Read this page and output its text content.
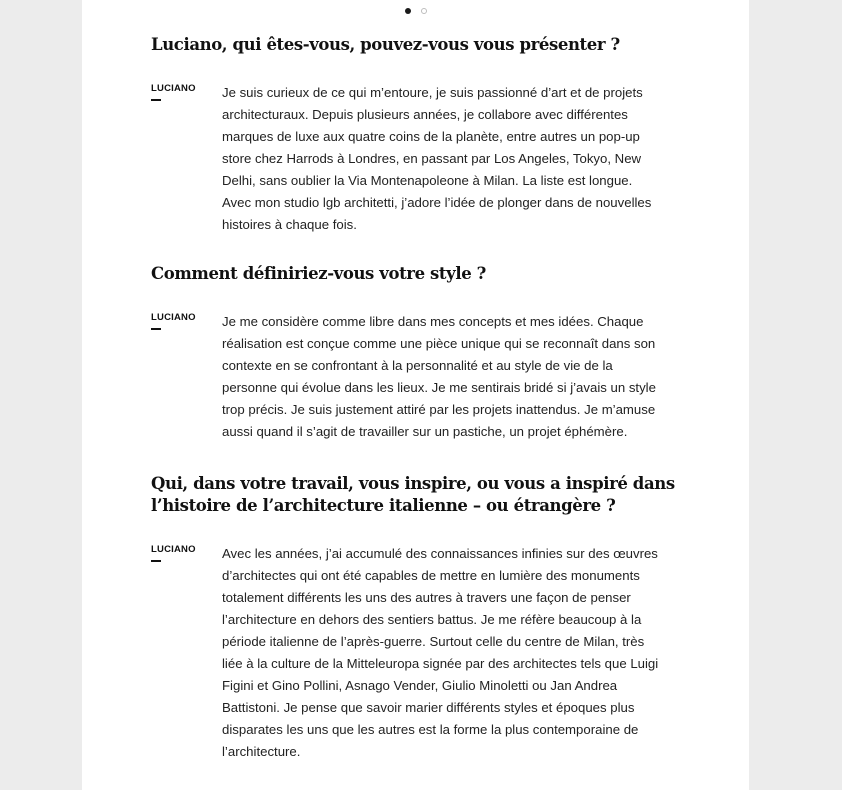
Luciano, qui êtes-vous, pouvez-vous vous présenter ?
LUCIANO	Je suis curieux de ce qui m’entoure, je suis passionné d’art et de projets architecturaux. Depuis plusieurs années, je collabore avec différentes marques de luxe aux quatre coins de la planète, entre autres un pop-up store chez Harrods à Londres, en passant par Los Angeles, Tokyo, New Delhi, sans oublier la Via Montenapoleone à Milan. La liste est longue. Avec mon studio lgb architetti, j’adore l’idée de plonger dans de nouvelles histoires à chaque fois.

Comment définiriez-vous votre style ?
LUCIANO	Je me considère comme libre dans mes concepts et mes idées. Chaque réalisation est conçue comme une pièce unique qui se reconnaît dans son contexte en se confrontant à la personnalité et au style de vie de la personne qui évolue dans les lieux. Je me sentirais bridé si j’avais un style trop précis. Je suis justement attiré par les projets inattendus. Je m’amuse aussi quand il s’agit de travailler sur un pastiche, un projet éphémère.

Qui, dans votre travail, vous inspire, ou vous a inspiré dans l’histoire de l’architecture italienne – ou étrangère ?
LUCIANO	Avec les années, j’ai accumulé des connaissances infinies sur des œuvres d’architectes qui ont été capables de mettre en lumière des monuments totalement différents les uns des autres à travers une façon de penser l’architecture en dehors des sentiers battus. Je me réfère beaucoup à la période italienne de l’après-guerre. Surtout celle du centre de Milan, très liée à la culture de la Mitteleuropa signée par des architectes tels que Luigi Figini et Gino Pollini, Asnago Vender, Giulio Minoletti ou Jan Andrea Battistoni. Je pense que savoir marier différents styles et époques plus disparates les uns que les autres est la forme la plus contemporaine de l’architecture.
